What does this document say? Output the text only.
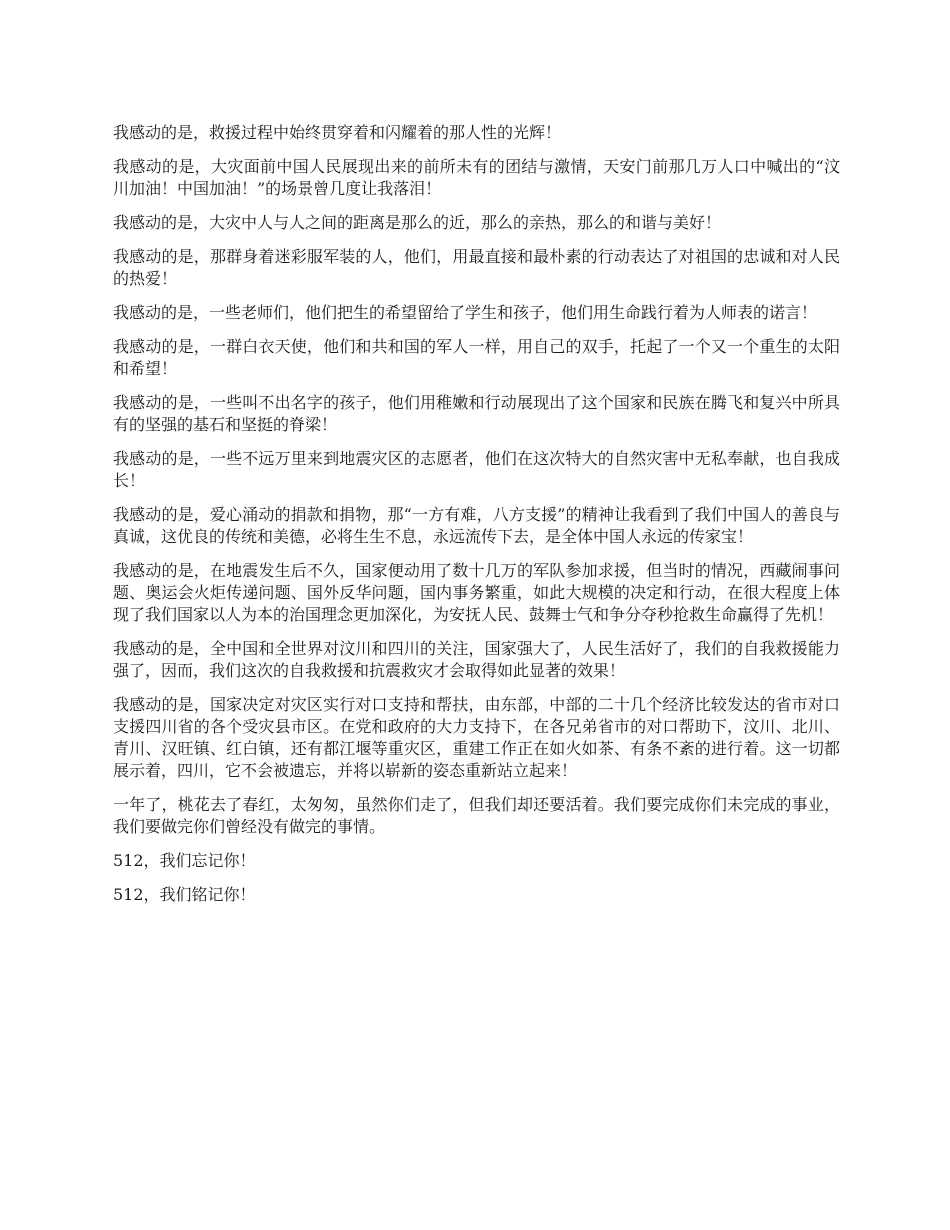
我感动的是，救援过程中始终贯穿着和闪耀着的那人性的光辉！

我感动的是，大灾面前中国人民展现出来的前所未有的团结与激情，天安门前那几万人口中喊出的“汶川加油！中国加油！”的场景曾几度让我落泪！

我感动的是，大灾中人与人之间的距离是那么的近，那么的亲热，那么的和谐与美好！

我感动的是，那群身着迷彩服军装的人，他们，用最直接和最朴素的行动表达了对祖国的忠诚和对人民的热爱！

我感动的是，一些老师们，他们把生的希望留给了学生和孩子，他们用生命践行着为人师表的诺言！

我感动的是，一群白衣天使，他们和共和国的军人一样，用自己的双手，托起了一个又一个重生的太阳和希望！

我感动的是，一些叫不出名字的孩子，他们用稚嫩和行动展现出了这个国家和民族在腾飞和复兴中所具有的坚强的基石和坚挺的脊梁！

我感动的是，一些不远万里来到地震灾区的志愿者，他们在这次特大的自然灾害中无私奉献，也自我成长！

我感动的是，爱心涌动的捐款和捐物，那“一方有难，八方支援”的精神让我看到了我们中国人的善良与真诚，这优良的传统和美德，必将生生不息，永远流传下去，是全体中国人永远的传家宝！

我感动的是，在地震发生后不久，国家便动用了数十几万的军队参加求援，但当时的情况，西藏闹事问题、奥运会火炬传递问题、国外反华问题，国内事务繁重，如此大规模的决定和行动，在很大程度上体现了我们国家以人为本的治国理念更加深化，为安抚人民、鼓舞士气和争分夺秒抢救生命赢得了先机！

我感动的是，全中国和全世界对汶川和四川的关注，国家强大了，人民生活好了，我们的自我救援能力强了，因而，我们这次的自我救援和抗震救灾才会取得如此显著的效果！

我感动的是，国家决定对灾区实行对口支持和帮扶，由东部，中部的二十几个经济比较发达的省市对口支援四川省的各个受灾县市区。在党和政府的大力支持下，在各兄弟省市的对口帮助下，汶川、北川、青川、汉旺镇、红白镇，还有都江堰等重灾区，重建工作正在如火如茶、有条不紊的进行着。这一切都展示着，四川，它不会被遗忘，并将以崭新的姿态重新站立起来！

一年了，桃花去了春红，太匆匆，虽然你们走了，但我们却还要活着。我们要完成你们未完成的事业，我们要做完你们曾经没有做完的事情。

512，我们忘记你！

512，我们铭记你！
